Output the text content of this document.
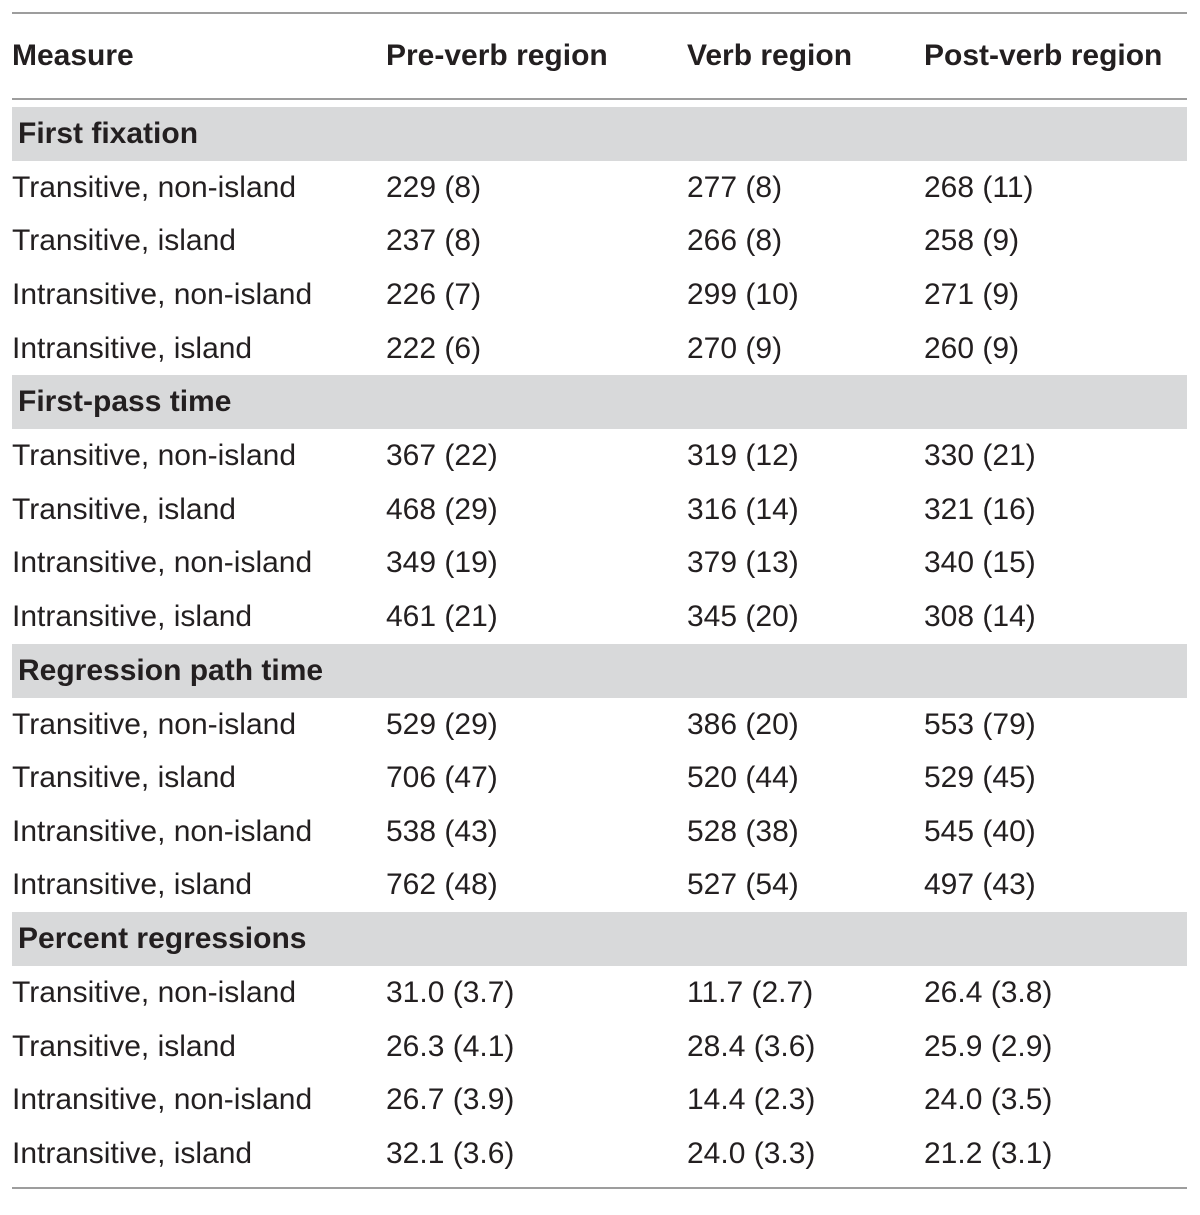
Measure	Pre-verb region	Verb region	Post-verb region
First fixation
Transitive, non-island	229 (8)	277 (8)	268 (11)
Transitive, island	237 (8)	266 (8)	258 (9)
Intransitive, non-island	226 (7)	299 (10)	271 (9)
Intransitive, island	222 (6)	270 (9)	260 (9)
First-pass time
Transitive, non-island	367 (22)	319 (12)	330 (21)
Transitive, island	468 (29)	316 (14)	321 (16)
Intransitive, non-island	349 (19)	379 (13)	340 (15)
Intransitive, island	461 (21)	345 (20)	308 (14)
Regression path time
Transitive, non-island	529 (29)	386 (20)	553 (79)
Transitive, island	706 (47)	520 (44)	529 (45)
Intransitive, non-island	538 (43)	528 (38)	545 (40)
Intransitive, island	762 (48)	527 (54)	497 (43)
Percent regressions
Transitive, non-island	31.0 (3.7)	11.7 (2.7)	26.4 (3.8)
Transitive, island	26.3 (4.1)	28.4 (3.6)	25.9 (2.9)
Intransitive, non-island	26.7 (3.9)	14.4 (2.3)	24.0 (3.5)
Intransitive, island	32.1 (3.6)	24.0 (3.3)	21.2 (3.1)
